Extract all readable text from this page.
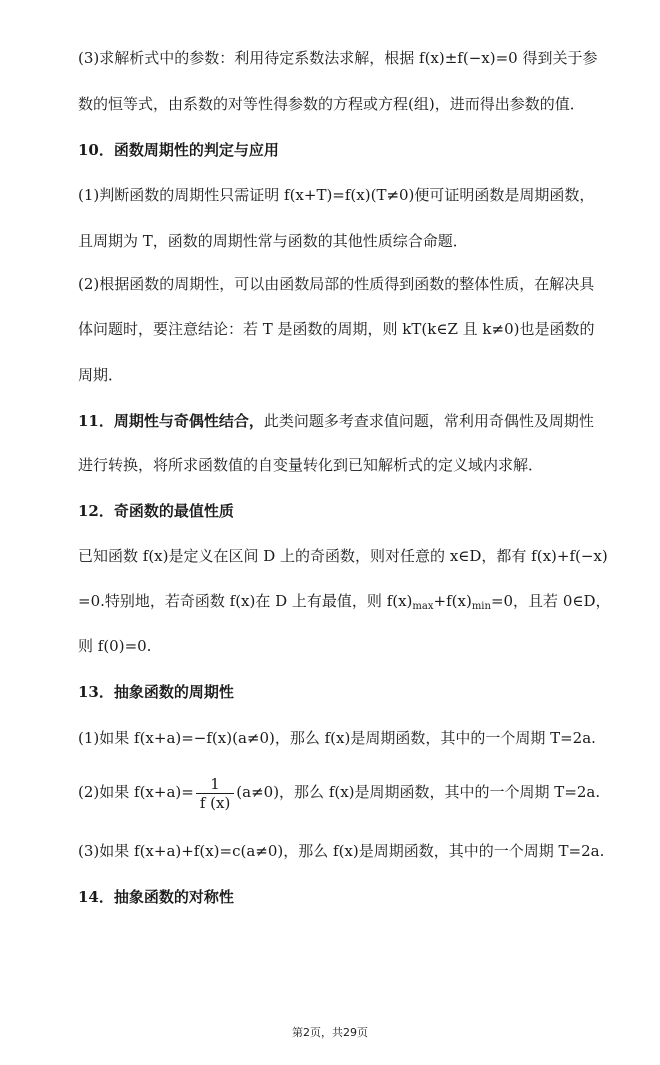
(3)求解析式中的参数：利用待定系数法求解，根据 f(x)±f(−x)=0 得到关于参
数的恒等式，由系数的对等性得参数的方程或方程(组)，进而得出参数的值．
10．函数周期性的判定与应用
(1)判断函数的周期性只需证明 f(x+T)=f(x)(T≠0)便可证明函数是周期函数，
且周期为 T，函数的周期性常与函数的其他性质综合命题．
(2)根据函数的周期性，可以由函数局部的性质得到函数的整体性质，在解决具
体问题时，要注意结论：若 T 是函数的周期，则 kT(k∈Z 且 k≠0)也是函数的
周期．
11．周期性与奇偶性结合，此类问题多考查求值问题，常利用奇偶性及周期性
进行转换，将所求函数值的自变量转化到已知解析式的定义域内求解．
12．奇函数的最值性质
已知函数 f(x)是定义在区间 D 上的奇函数，则对任意的 x∈D，都有 f(x)+f(−x)
=0.特别地，若奇函数 f(x)在 D 上有最值，则 $f(x)_{max}+f(x)_{min}=0$，且若 0∈D，
则 f(0)=0.
13．抽象函数的周期性
(1)如果 f(x+a)=−f(x)(a≠0)，那么 f(x)是周期函数，其中的一个周期 T=2a.
(2)如果 $f(x+a)= \frac{1}{f (x)} (a\ne 0)$，那么 f(x)是周期函数，其中的一个周期 T=2a.
(3)如果 f(x+a)+f(x)=c(a≠0)，那么 f(x)是周期函数，其中的一个周期 T=2a.
14．抽象函数的对称性
第2页，共29页
